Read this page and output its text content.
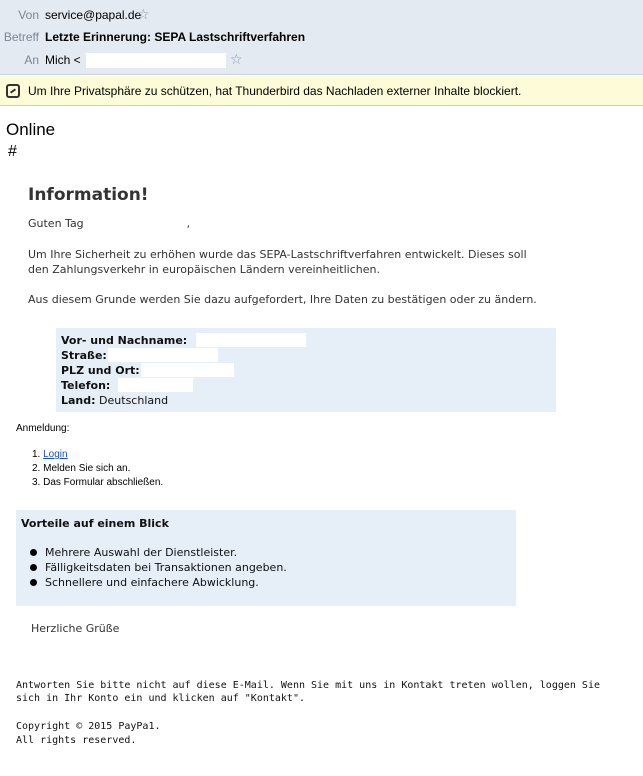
Von service@papal.de
☆
Betreff Letzte Erinnerung: SEPA Lastschriftverfahren
An Mich <	☆
Um Ihre Privatsphäre zu schützen, hat Thunderbird das Nachladen externer Inhalte blockiert.
Online
#
Information!
Guten Tag	,
Um Ihre Sicherheit zu erhöhen wurde das SEPA-Lastschriftverfahren entwickelt. Dieses soll
den Zahlungsverkehr in europäischen Ländern vereinheitlichen.
Aus diesem Grunde werden Sie dazu aufgefordert, Ihre Daten zu bestätigen oder zu ändern.
Vor- und Nachname:
Straße:
PLZ und Ort:
Telefon:
Land: Deutschland
Anmeldung:
1. Login
2. Melden Sie sich an.
3. Das Formular abschließen.
Vorteile auf einem Blick
Mehrere Auswahl der Dienstleister.
Fälligkeitsdaten bei Transaktionen angeben.
Schnellere und einfachere Abwicklung.
Herzliche Grüße
Antworten Sie bitte nicht auf diese E-Mail. Wenn Sie mit uns in Kontakt treten wollen, loggen Sie
sich in Ihr Konto ein und klicken auf "Kontakt".
Copyright © 2015 PayPa1.
All rights reserved.
